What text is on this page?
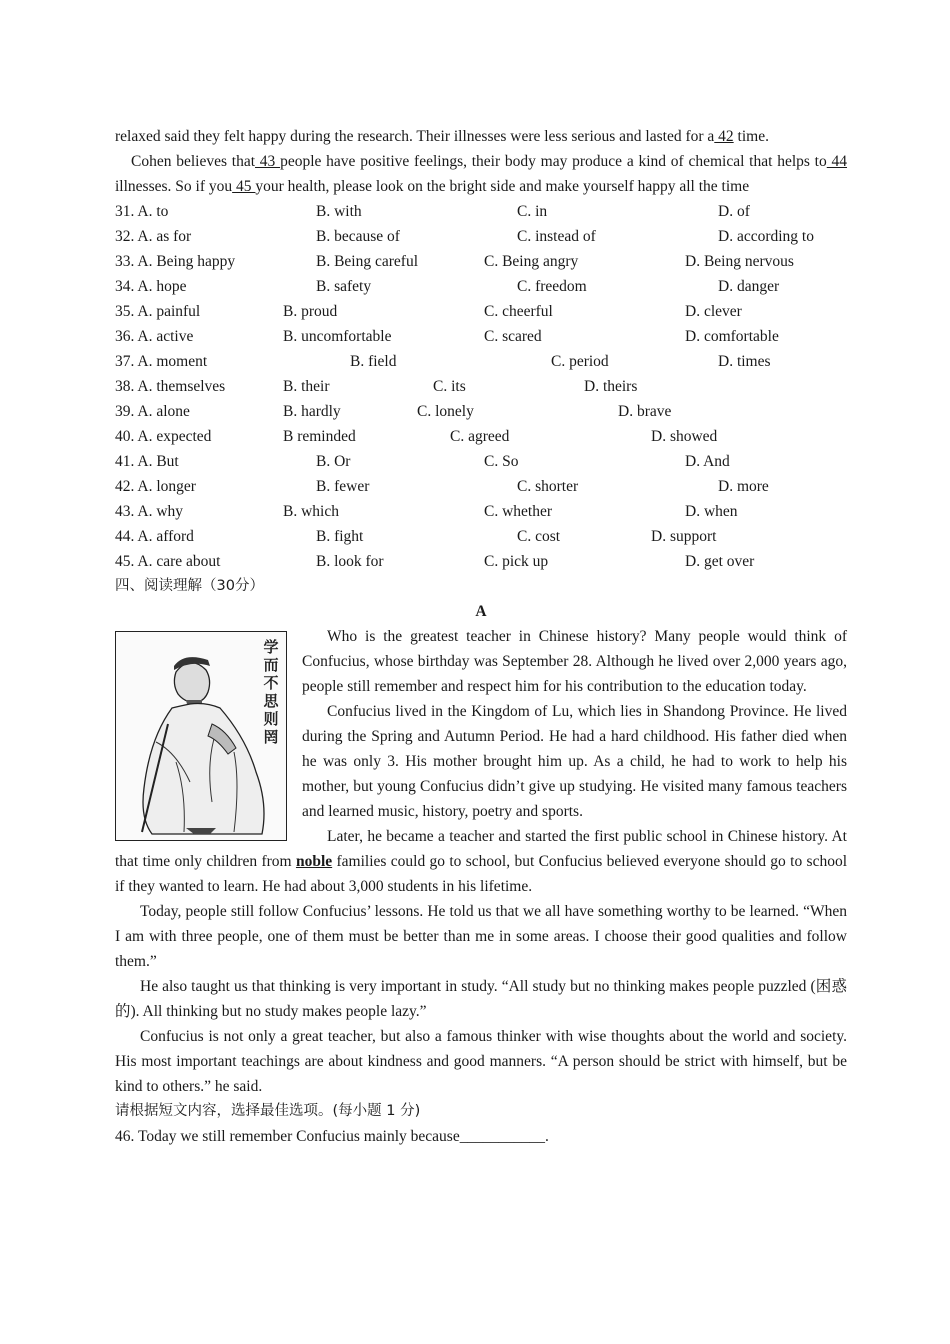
relaxed said they felt happy during the research. Their illnesses were less serious and lasted for a 42 time.

Cohen believes that 43 people have positive feelings, their body may produce a kind of chemical that helps to 44 illnesses. So if you 45 your health, please look on the bright side and make yourself happy all the time

31. A. to	B. with	C. in	D. of
32. A. as for	B. because of	C. instead of	D. according to
33. A. Being happy	B. Being careful	C. Being angry	D. Being nervous
34. A. hope	B. safety	C. freedom	D. danger
35. A. painful	B. proud	C. cheerful	D. clever
36. A. active	B. uncomfortable	C. scared	D. comfortable
37. A. moment	B. field	C. period	D. times
38. A. themselves	B. their	C. its	D. theirs
39. A. alone	B. hardly	C. lonely	D. brave
40. A. expected	B reminded	C. agreed	D. showed
41. A. But	B. Or	C. So	D. And
42. A. longer	B. fewer	C. shorter	D. more
43. A. why	B. which	C. whether	D. when
44. A. afford	B. fight	C. cost	D. support
45. A. care about	B. look for	C. pick up	D. get over

四、阅读理解（30分）

A

学
而
不
思
则
罔

Who is the greatest teacher in Chinese history? Many people would think of Confucius, whose birthday was September 28. Although he lived over 2,000 years ago, people still remember and respect him for his contribution to the education today.

Confucius lived in the Kingdom of Lu, which lies in Shandong Province. He lived during the Spring and Autumn Period. He had a hard childhood. His father died when he was only 3. His mother brought him up. As a child, he had to work to help his mother, but young Confucius didn’t give up studying. He visited many famous teachers and learned music, history, poetry and sports.

Later, he became a teacher and started the first public school in Chinese history. At that time only children from noble families could go to school, but Confucius believed everyone should go to school if they wanted to learn. He had about 3,000 students in his lifetime.

Today, people still follow Confucius’ lessons. He told us that we all have something worthy to be learned. “When I am with three people, one of them must be better than me in some areas. I choose their good qualities and follow them.”

He also taught us that thinking is very important in study. “All study but no thinking makes people puzzled (困惑的). All thinking but no study makes people lazy.”

Confucius is not only a great teacher, but also a famous thinker with wise thoughts about the world and society. His most important teachings are about kindness and good manners. “A person should be strict with himself, but be kind to others.” he said.

请根据短文内容，选择最佳选项。(每小题 1 分)

46. Today we still remember Confucius mainly because___________.
